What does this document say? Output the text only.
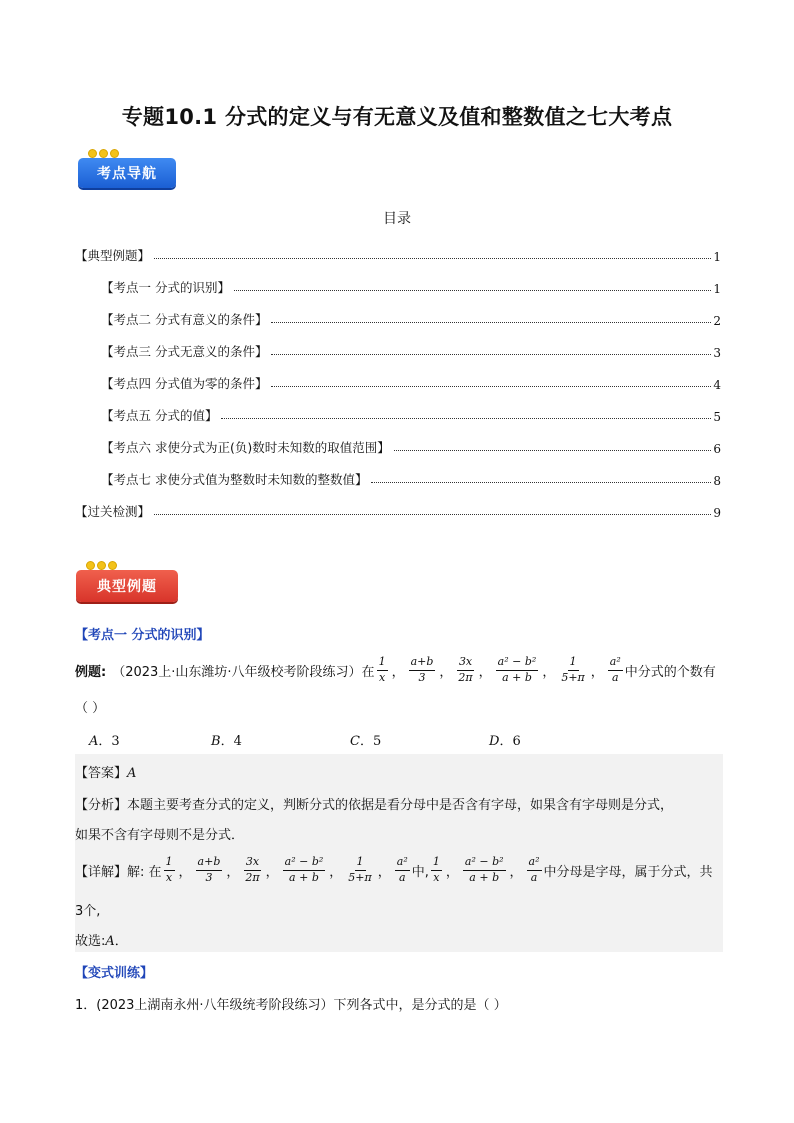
专题10.1 分式的定义与有无意义及值和整数值之七大考点
考点导航
目录
【典型例题】	1
【考点一 分式的识别】	1
【考点二 分式有意义的条件】	2
【考点三 分式无意义的条件】	3
【考点四 分式值为零的条件】	4
【考点五 分式的值】	5
【考点六 求使分式为正(负)数时未知数的取值范围】	6
【考点七 求使分式值为整数时未知数的整数值】	8
【过关检测】	9
典型例题
【考点一 分式的识别】
例题: （2023上·山东潍坊·八年级校考阶段练习）在 $\frac{1}{x}$ ， $\frac{a+b}{3}$ ， $\frac{3x}{2\pi}$ ， $\frac{\text{a² − b²}}{a + b}$ ， $\frac{1}{5+\pi}$ ， $\frac{\text{a²}}{a}$ 中分式的个数有
（ ）
A．3	B．4	C．5	D．6
【答案】A
【分析】本题主要考查分式的定义，判断分式的依据是看分母中是否含有字母，如果含有字母则是分式，
如果不含有字母则不是分式．
【详解】 解: 在 $\frac{1}{x}$ ， $\frac{a+b}{3}$ ， $\frac{3x}{2\pi}$ ， $\frac{\text{a² − b²}}{a + b}$ ， $\frac{1}{5+\pi}$ ， $\frac{\text{a²}}{a}$ 中, $\frac{1}{x}$ ， $\frac{\text{a² − b²}}{a + b}$ ， $\frac{\text{a²}}{a}$ 中分母是字母，属于分式，共
3个,
故选:A．
【变式训练】
1．(2023上湖南永州·八年级统考阶段练习）下列各式中，是分式的是（ ）
